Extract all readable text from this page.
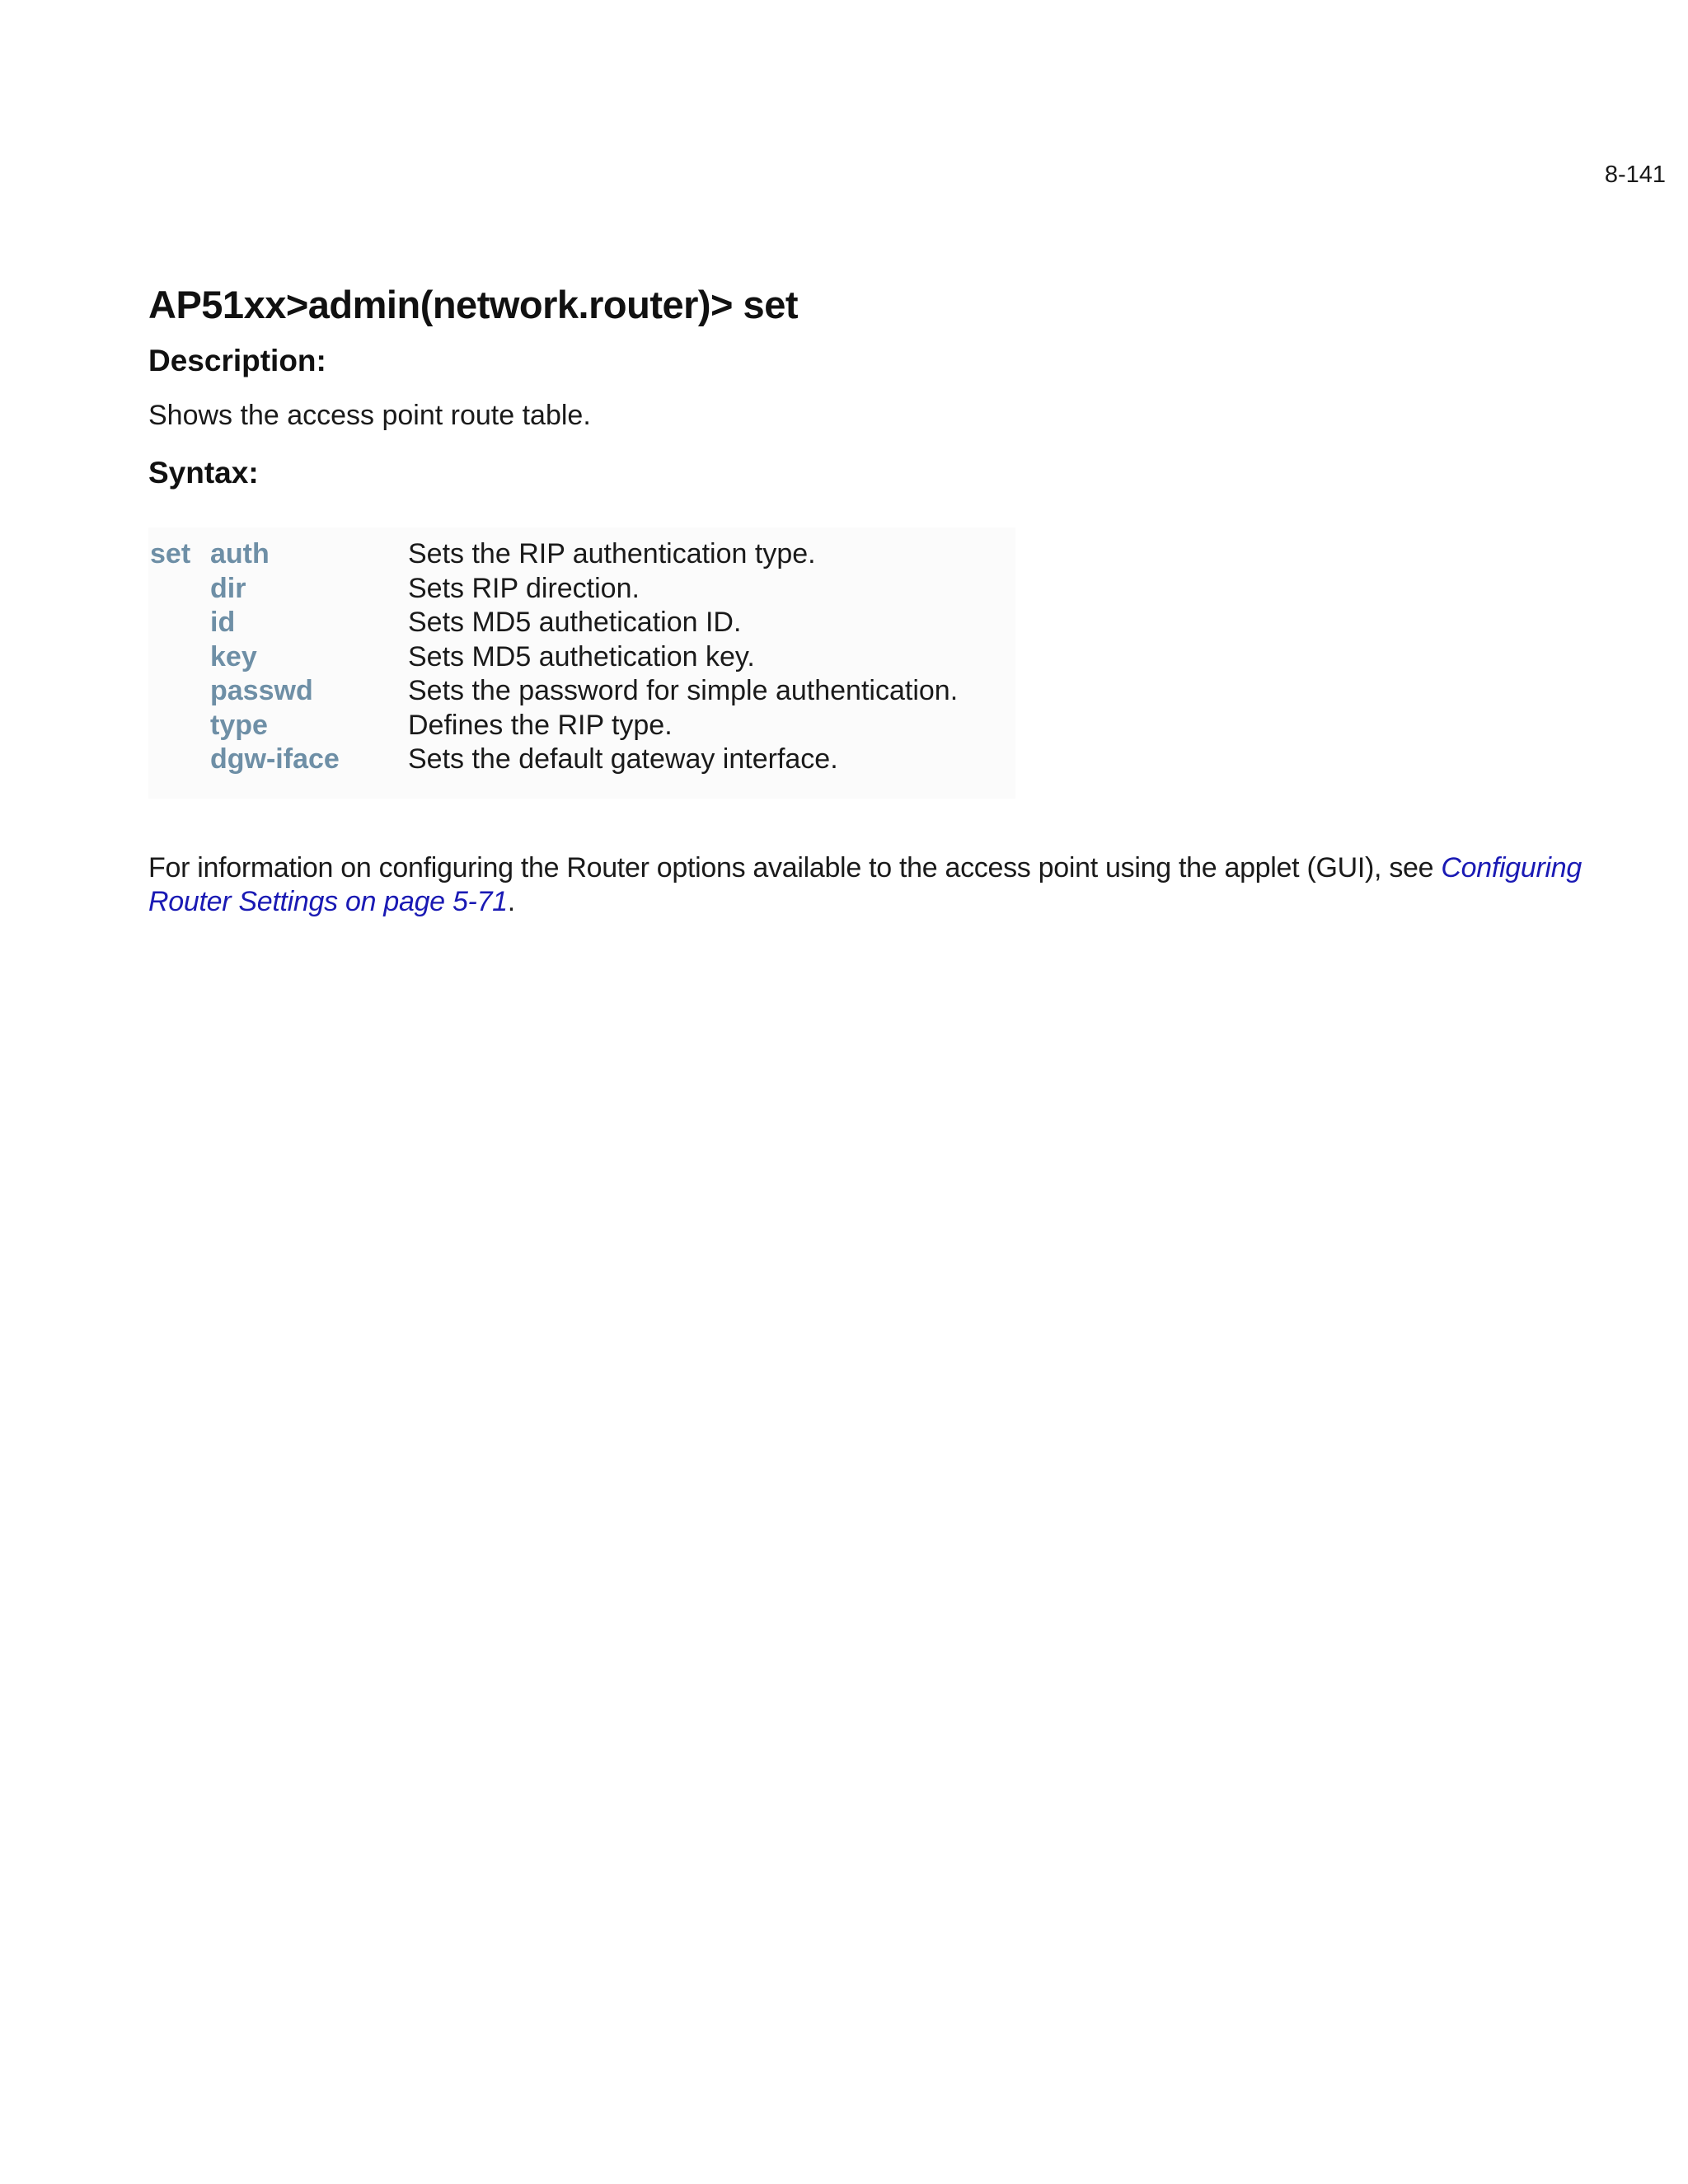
8-141
AP51xx>admin(network.router)> set
Description:

Shows the access point route table.

Syntax:
set auth	Sets the RIP authentication type.
dir	Sets RIP direction.
id	Sets MD5 authetication ID.
key	Sets MD5 authetication key.
passwd	Sets the password for simple authentication.
type	Defines the RIP type.
dgw-iface	Sets the default gateway interface.

For information on configuring the Router options available to the access point using the applet (GUI), see Configuring Router Settings on page 5-71.
